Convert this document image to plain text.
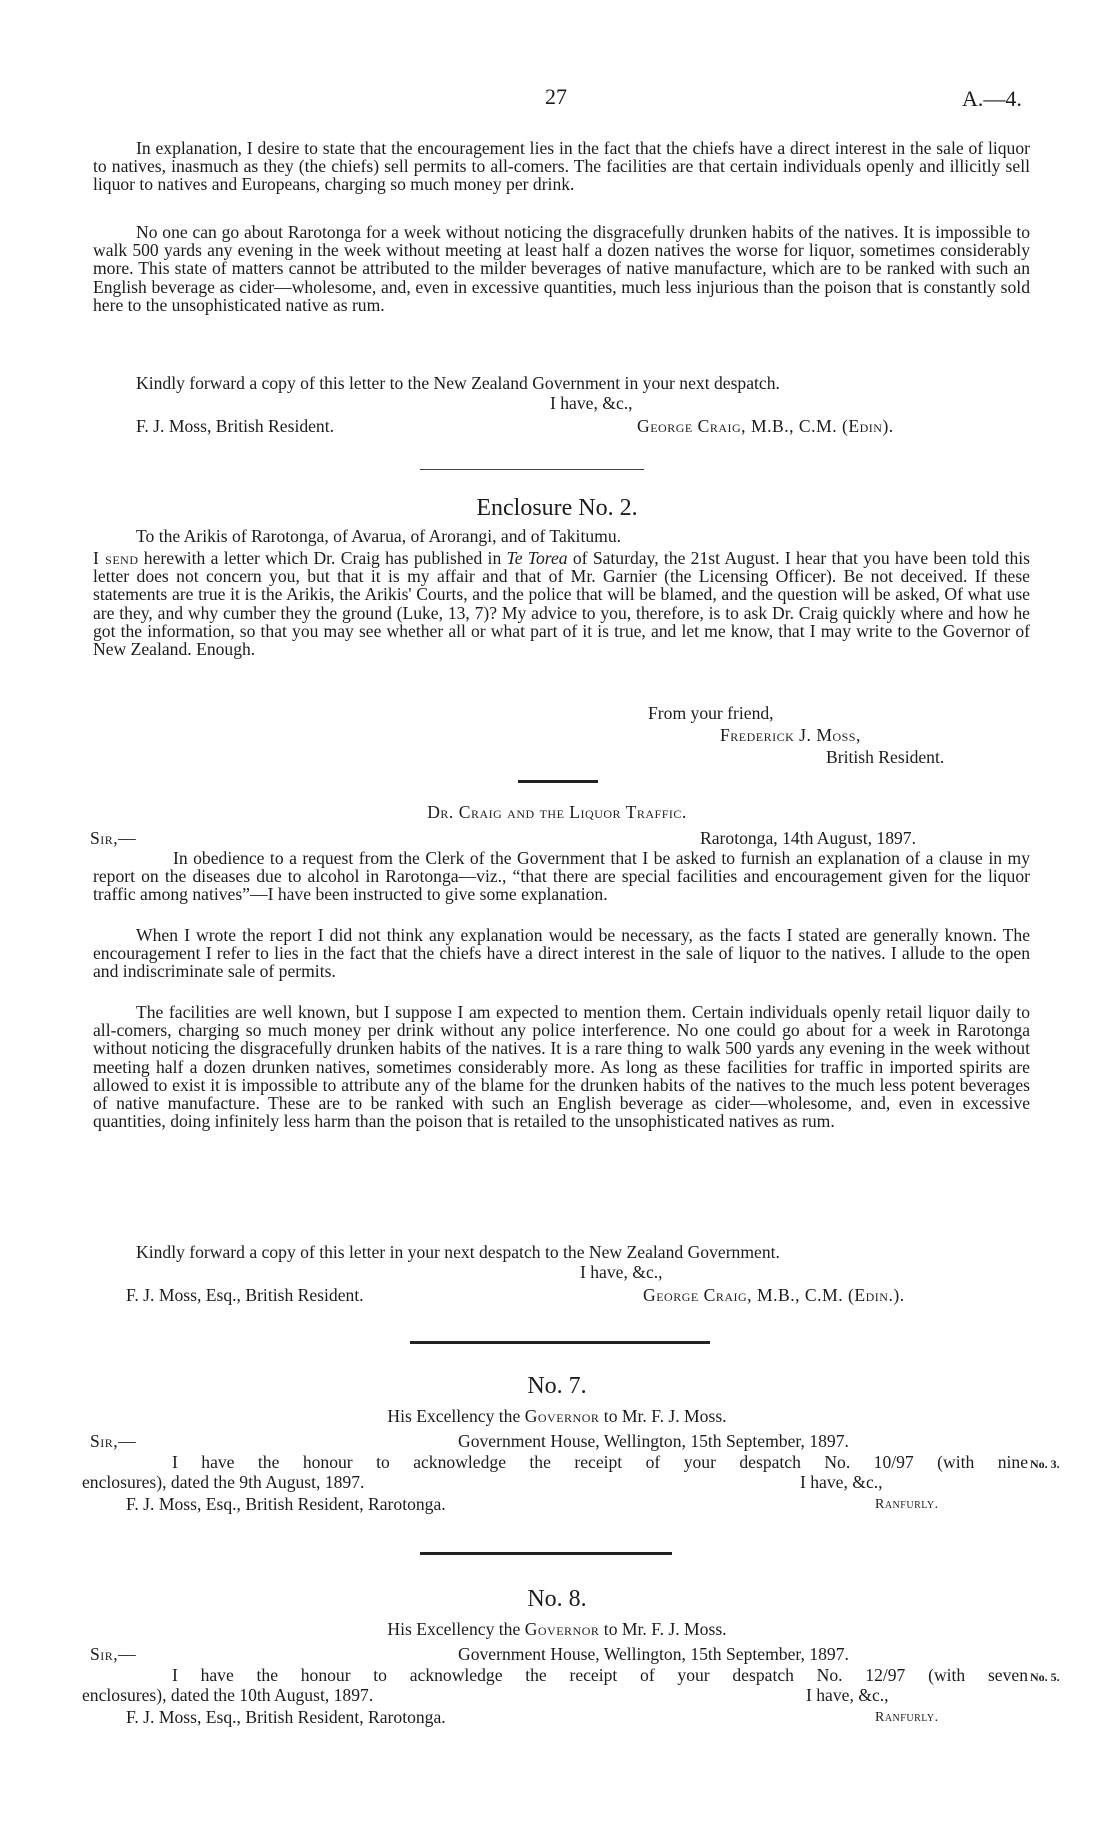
27	A.—4.
In explanation, I desire to state that the encouragement lies in the fact that the chiefs have a direct interest in the sale of liquor to natives, inasmuch as they (the chiefs) sell permits to all-comers. The facilities are that certain individuals openly and illicitly sell liquor to natives and Europeans, charging so much money per drink.
No one can go about Rarotonga for a week without noticing the disgracefully drunken habits of the natives. It is impossible to walk 500 yards any evening in the week without meeting at least half a dozen natives the worse for liquor, sometimes considerably more. This state of matters cannot be attributed to the milder beverages of native manufacture, which are to be ranked with such an English beverage as cider—wholesome, and, even in excessive quantities, much less injurious than the poison that is constantly sold here to the unsophisticated native as rum.
Kindly forward a copy of this letter to the New Zealand Government in your next despatch.
I have, &c.,
F. J. Moss, British Resident.	George Craig, M.B., C.M. (Edin).
Enclosure No. 2.
To the Arikis of Rarotonga, of Avarua, of Arorangi, and of Takitumu.
I send herewith a letter which Dr. Craig has published in Te Torea of Saturday, the 21st August. I hear that you have been told this letter does not concern you, but that it is my affair and that of Mr. Garnier (the Licensing Officer). Be not deceived. If these statements are true it is the Arikis, the Arikis' Courts, and the police that will be blamed, and the question will be asked, Of what use are they, and why cumber they the ground (Luke, 13, 7)? My advice to you, therefore, is to ask Dr. Craig quickly where and how he got the information, so that you may see whether all or what part of it is true, and let me know, that I may write to the Governor of New Zealand. Enough.
From your friend,
Frederick J. Moss,
British Resident.
Dr. Craig and the Liquor Traffic.
Sir,—	Rarotonga, 14th August, 1897.
In obedience to a request from the Clerk of the Government that I be asked to furnish an explanation of a clause in my report on the diseases due to alcohol in Rarotonga—viz., “that there are special facilities and encouragement given for the liquor traffic among natives”—I have been instructed to give some explanation.
When I wrote the report I did not think any explanation would be necessary, as the facts I stated are generally known. The encouragement I refer to lies in the fact that the chiefs have a direct interest in the sale of liquor to the natives. I allude to the open and indiscriminate sale of permits.
The facilities are well known, but I suppose I am expected to mention them. Certain individuals openly retail liquor daily to all-comers, charging so much money per drink without any police interference. No one could go about for a week in Rarotonga without noticing the disgracefully drunken habits of the natives. It is a rare thing to walk 500 yards any evening in the week without meeting half a dozen drunken natives, sometimes considerably more. As long as these facilities for traffic in imported spirits are allowed to exist it is impossible to attribute any of the blame for the drunken habits of the natives to the much less potent beverages of native manufacture. These are to be ranked with such an English beverage as cider—wholesome, and, even in excessive quantities, doing infinitely less harm than the poison that is retailed to the unsophisticated natives as rum.
Kindly forward a copy of this letter in your next despatch to the New Zealand Government.
I have, &c.,
F. J. Moss, Esq., British Resident.	George Craig, M.B., C.M. (Edin.).
No. 7.
His Excellency the Governor to Mr. F. J. Moss.
Sir,—	Government House, Wellington, 15th September, 1897.
I have the honour to acknowledge the receipt of your despatch No. 10/97 (with nine No. 3.
enclosures), dated the 9th August, 1897.	I have, &c.,
F. J. Moss, Esq., British Resident, Rarotonga.	Ranfurly.
No. 8.
His Excellency the Governor to Mr. F. J. Moss.
Sir,—	Government House, Wellington, 15th September, 1897.
I have the honour to acknowledge the receipt of your despatch No. 12/97 (with seven No. 5.
enclosures), dated the 10th August, 1897.	I have, &c.,
F. J. Moss, Esq., British Resident, Rarotonga.	Ranfurly.
